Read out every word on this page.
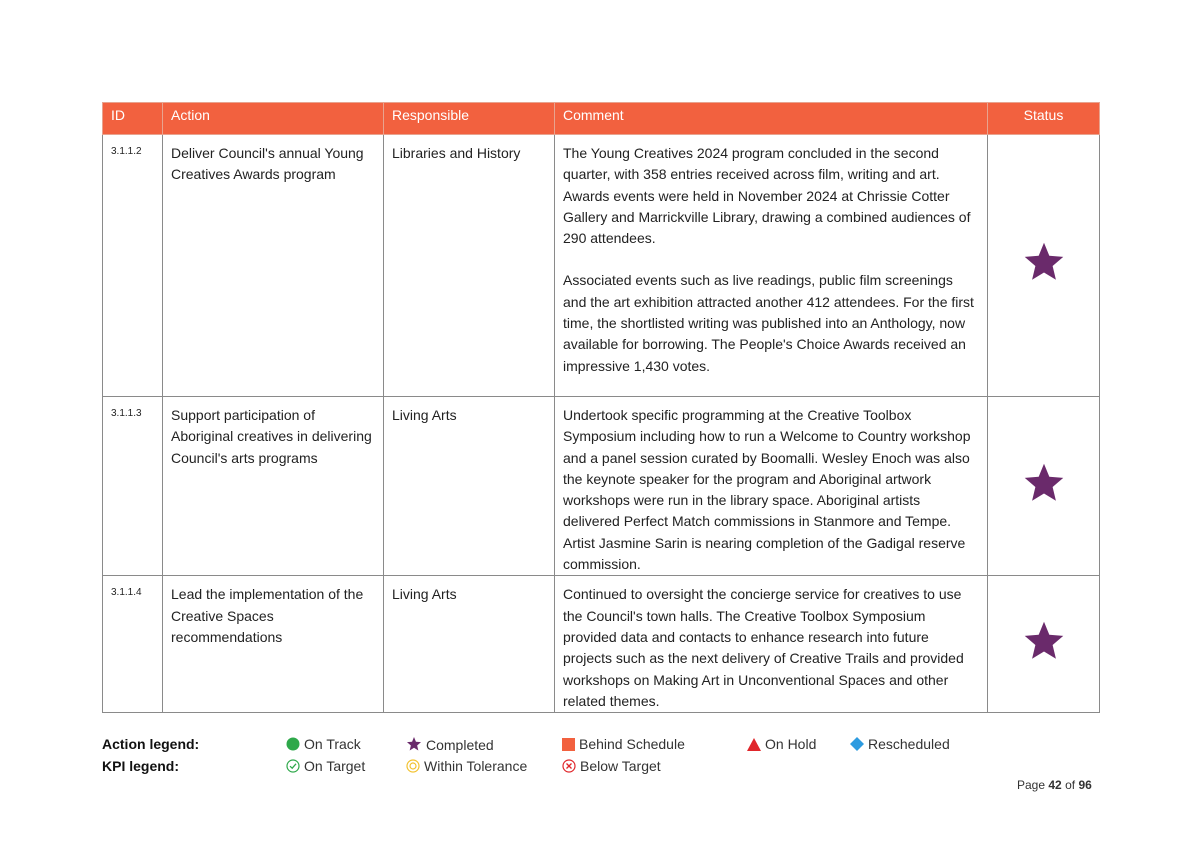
ID	Action	Responsible	Comment	Status
3.1.1.2	Deliver Council's annual Young Creatives Awards program	Libraries and History	The Young Creatives 2024 program concluded in the second quarter, with 358 entries received across film, writing and art. Awards events were held in November 2024 at Chrissie Cotter Gallery and Marrickville Library, drawing a combined audiences of 290 attendees.

Associated events such as live readings, public film screenings and the art exhibition attracted another 412 attendees. For the first time, the shortlisted writing was published into an Anthology, now available for borrowing. The People's Choice Awards received an impressive 1,430 votes.

3.1.1.3	Support participation of Aboriginal creatives in delivering Council's arts programs	Living Arts	Undertook specific programming at the Creative Toolbox Symposium including how to run a Welcome to Country workshop and a panel session curated by Boomalli. Wesley Enoch was also the keynote speaker for the program and Aboriginal artwork workshops were run in the library space. Aboriginal artists delivered Perfect Match commissions in Stanmore and Tempe. Artist Jasmine Sarin is nearing completion of the Gadigal reserve commission.

3.1.1.4	Lead the implementation of the Creative Spaces recommendations	Living Arts	Continued to oversight the concierge service for creatives to use the Council's town halls. The Creative Toolbox Symposium provided data and contacts to enhance research into future projects such as the next delivery of Creative Trails and provided workshops on Making Art in Unconventional Spaces and other related themes.

Action legend:	On Track	Completed	Behind Schedule	On Hold	Rescheduled
KPI legend:	On Target	Within Tolerance	Below Target
Page 42 of 96
